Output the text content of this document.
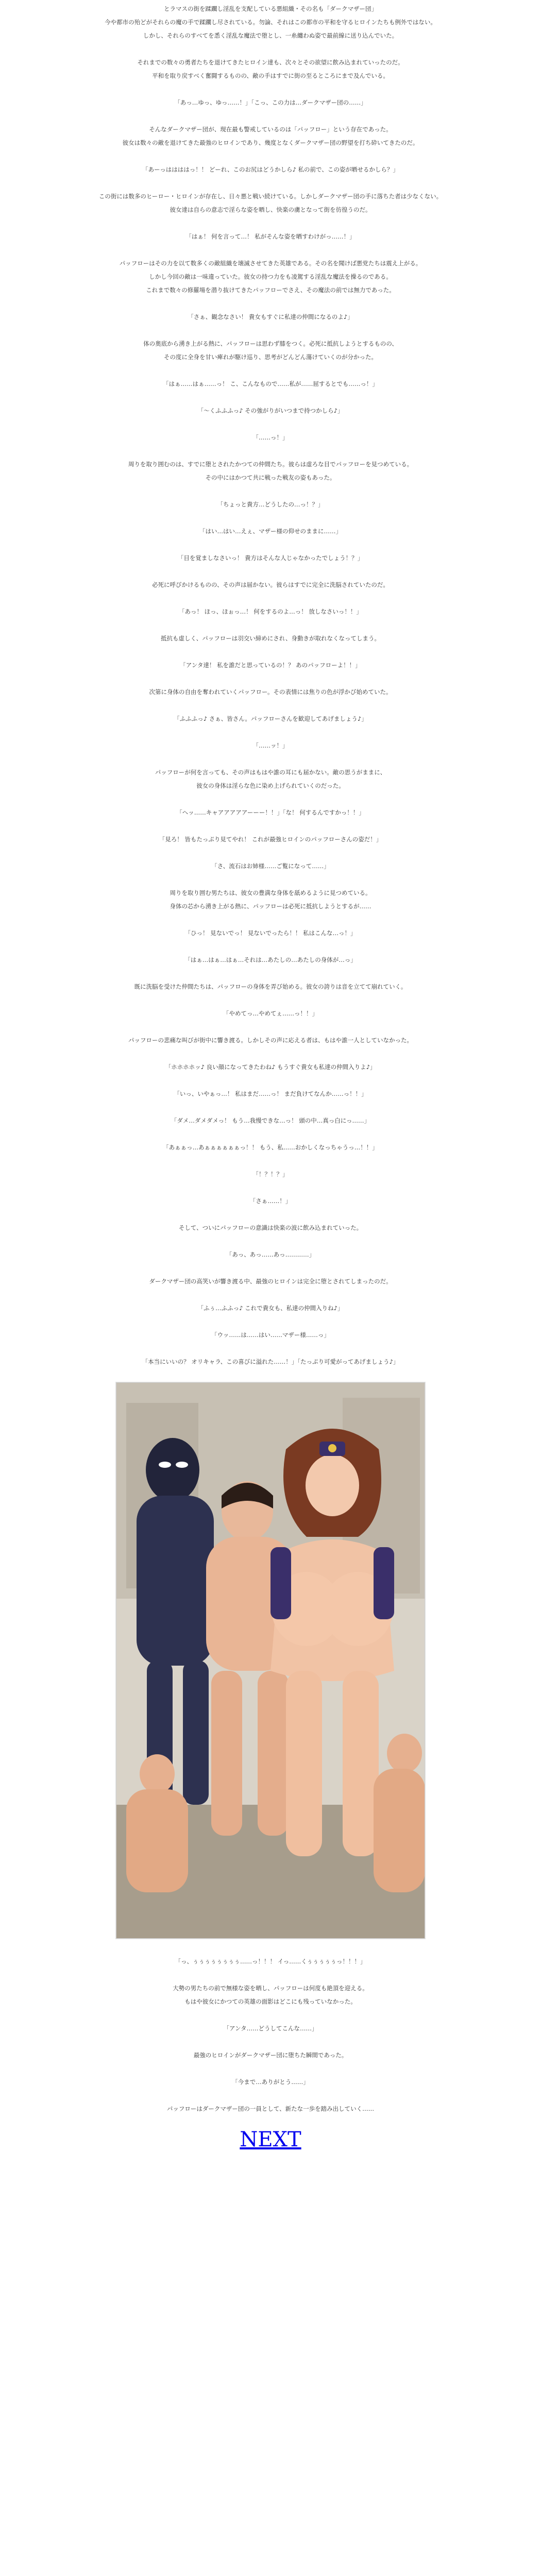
とラマスの街を蹂躙し淫乱を支配している悪組織・その名も「ダークマザー団」
今や都市の殆どがそれらの魔の手で蹂躙し尽されている。勿論、それはこの都市の平和を守るヒロインたちも例外ではない。
しかし、それらのすべてを悉く淫乱な魔法で堕とし、一糸纏わぬ姿で最前線に送り込んでいた。
それまでの数々の勇者たちを退けてきたヒロイン達も、次々とその欲望に飲み込まれていったのだ。
平和を取り戻すべく奮闘するものの、敵の手はすでに街の至るところにまで及んでいる。
「あっ…ゆっ、ゆっ……！」「こっ、この力は…ダークマザー団の……」
そんなダークマザー団が、現在最も警戒しているのは「パッフロー」という存在であった。
彼女は数々の敵を退けてきた最強のヒロインであり、幾度となくダークマザー団の野望を打ち砕いてきたのだ。
「あーっははははっ！！ どーれ、このお尻はどうかしら♪ 私の前で、この姿が晒せるかしら？」
この街には数多のヒーロー・ヒロインが存在し、日々悪と戦い続けている。しかしダークマザー団の手に落ちた者は少なくない。
彼女達は自らの意志で淫らな姿を晒し、快楽の虜となって街を彷徨うのだ。
「はぁ！ 何を言って…！ 私がそんな姿を晒すわけがっ……！」
パッフローはその力を以て数多くの敵組織を壊滅させてきた英雄である。その名を聞けば悪党たちは震え上がる。
しかし今回の敵は一味違っていた。彼女の持つ力をも凌駕する淫乱な魔法を操るのである。
これまで数々の修羅場を潜り抜けてきたパッフローでさえ、その魔法の前では無力であった。
「さぁ、観念なさい！ 貴女もすぐに私達の仲間になるのよ♪」
体の奥底から湧き上がる熱に、パッフローは思わず膝をつく。必死に抵抗しようとするものの、
その度に全身を甘い痺れが駆け巡り、思考がどんどん蕩けていくのが分かった。
「はぁ……はぁ……っ！ こ、こんなもので……私が……屈するとでも……っ！」
「〜くふふふっ♪ その強がりがいつまで持つかしら♪」
「……っ！」
周りを取り囲むのは、すでに堕とされたかつての仲間たち。彼らは虚ろな目でパッフローを見つめている。
その中にはかつて共に戦った戦友の姿もあった。
「ちょっと貴方…どうしたの…っ！？」
「はい…はい…えぇ、マザー様の仰せのままに……」
「目を覚ましなさいっ！ 貴方はそんな人じゃなかったでしょう！？」
必死に呼びかけるものの、その声は届かない。彼らはすでに完全に洗脳されていたのだ。
「あっ！ ほっ、ほぉっ…！ 何をするのよ…っ！ 放しなさいっ！！」
抵抗も虚しく、パッフローは羽交い締めにされ、身動きが取れなくなってしまう。
「アンタ達！ 私を誰だと思っているの！？ あのパッフローよ！！」
次第に身体の自由を奪われていくパッフロー。その表情には焦りの色が浮かび始めていた。
「ふふふっ♪ さぁ、皆さん。パッフローさんを歓迎してあげましょう♪」
「……ッ！」
パッフローが何を言っても、その声はもはや誰の耳にも届かない。敵の思うがままに、
彼女の身体は淫らな色に染め上げられていくのだった。
「ヘッ……キャアアアアアーーー！！」「な！ 何するんですかっ！！」
「見ろ！ 皆もたっぷり見てやれ！ これが最強ヒロインのパッフローさんの姿だ！」
「さ、流石はお姉様……ご覧になって……」
周りを取り囲む男たちは、彼女の豊満な身体を舐めるように見つめている。
身体の芯から湧き上がる熱に、パッフローは必死に抵抗しようとするが……
「ひっ！ 見ないでっ！ 見ないでったら！！ 私はこんな…っ！」
「はぁ…はぁ…はぁ…それは…あたしの…あたしの身体が…っ」
既に洗脳を受けた仲間たちは、パッフローの身体を弄び始める。彼女の誇りは音を立てて崩れていく。
「やめてっ…やめてぇ……っ！！」
パッフローの悲痛な叫びが街中に響き渡る。しかしその声に応える者は、もはや誰一人としていなかった。
「ホホホホッ♪ 良い顔になってきたわね♪ もうすぐ貴女も私達の仲間入りよ♪」
「いっ、いやぁっ…！ 私はまだ……っ！ まだ負けてなんか……っ！！」
「ダメ…ダメダメっ！ もう…我慢できな…っ！ 頭の中…真っ白にっ……」
「あぁぁっ…あぁぁぁぁぁぁっ！！ もう、私……おかしくなっちゃうっ…！！」
「！？！？」
「さぁ……！」
そして、ついにパッフローの意識は快楽の波に飲み込まれていった。
「あっ、あっ……あっ…………」
ダークマザー団の高笑いが響き渡る中、最強のヒロインは完全に堕とされてしまったのだ。
「ふぅ…ふふっ♪ これで貴女も、私達の仲間入りね♪」
「ウッ……は……はい……マザー様……っ」
「本当にいいの？ オリキャラ、この喜びに溢れた……！」「たっぷり可愛がってあげましょう♪」
「っ、ぅぅぅぅぅぅぅぅ……っ！！！ イっ……くぅぅぅぅぅっ！！！」
大勢の男たちの前で無様な姿を晒し、パッフローは何度も絶頂を迎える。
もはや彼女にかつての英雄の面影はどこにも残っていなかった。
「アンタ……どうしてこんな……」
最強のヒロインがダークマザー団に堕ちた瞬間であった。
「今まで…ありがとう……」
パッフローはダークマザー団の一員として、新たな一歩を踏み出していく……
NEXT
